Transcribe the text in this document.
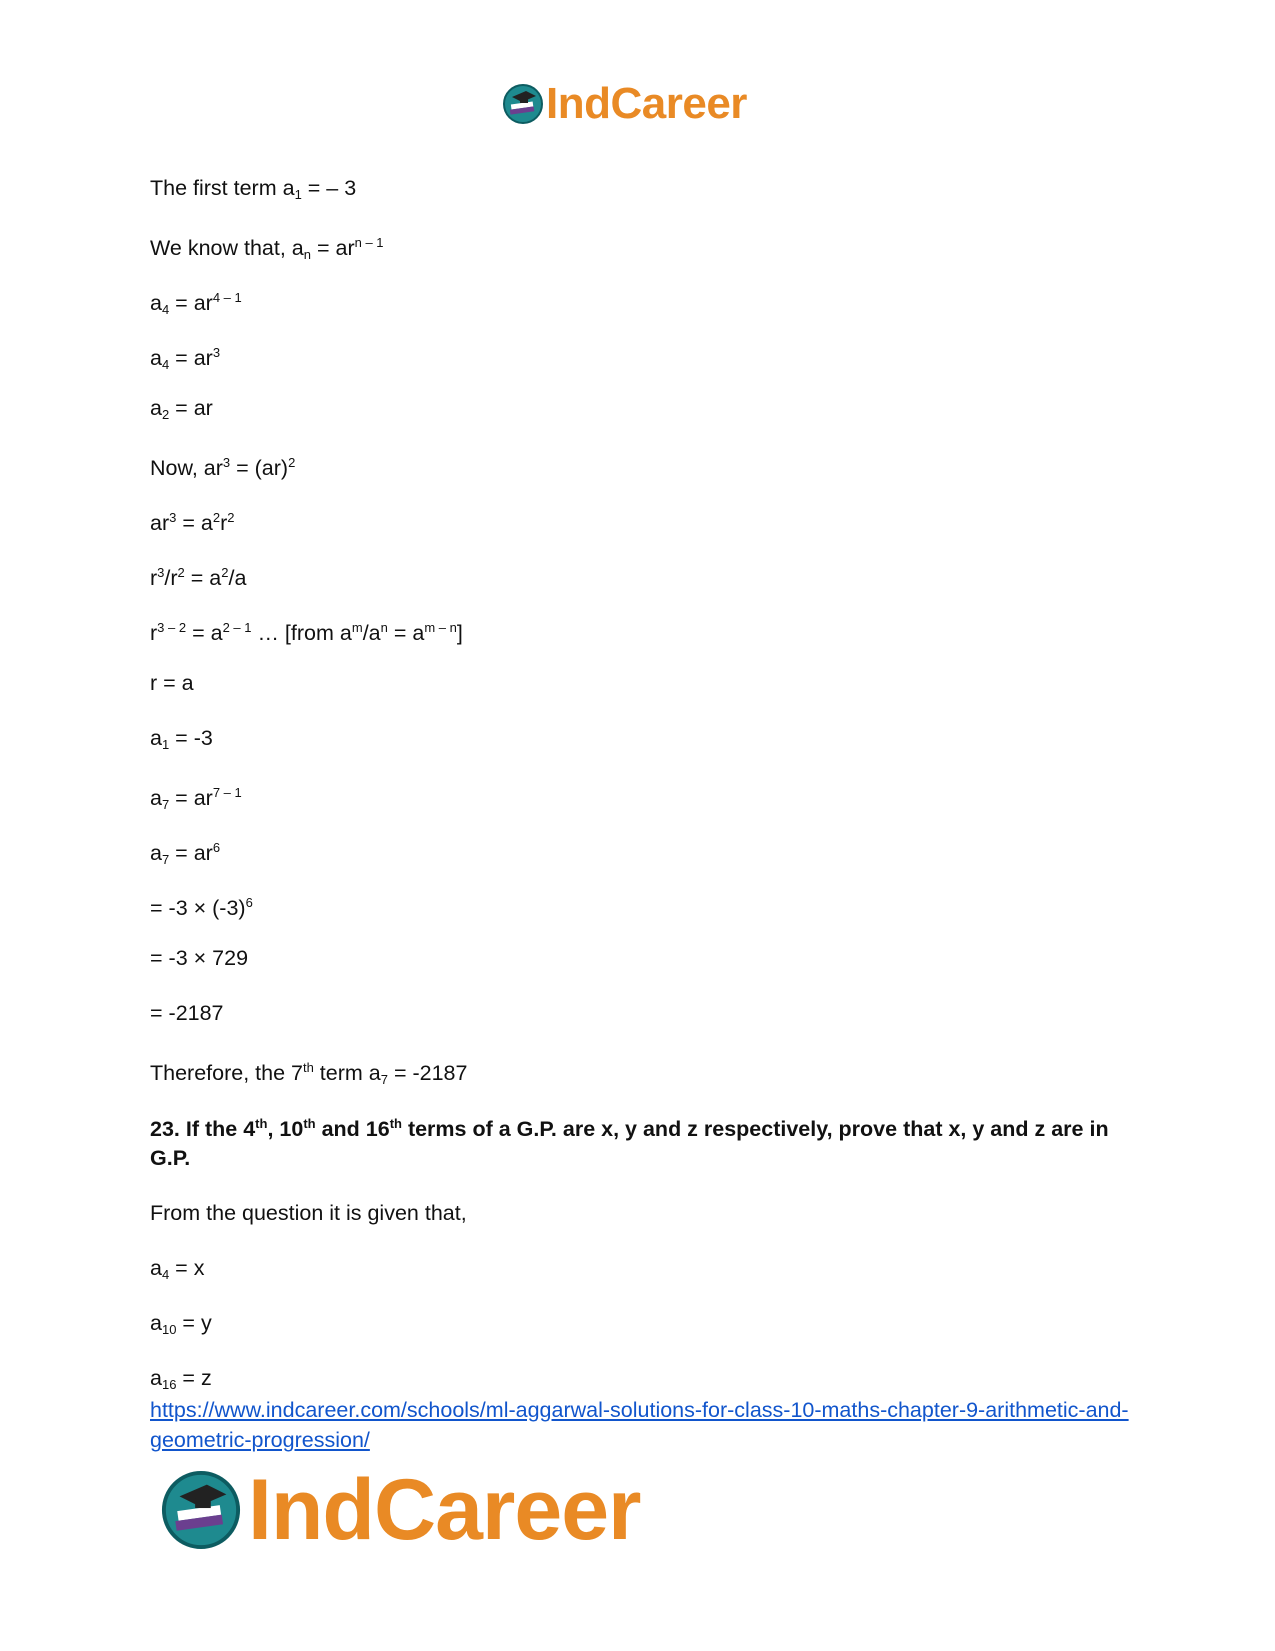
IndCareer
The first term $a_1$ = – 3
We know that, $a_n = ar^{n - 1}$
$a_4 = ar^{4 - 1}$
$a_4 = ar^3$
$a_2$ = ar
Now, $ar^3 = (ar)^2$
$ar^3 = a^2r^2$
$r^3/r^2 = a^2/a$
$r^{3 - 2} = a^{2 - 1}$ … [from $a^m/a^n = a^{m - n}$]
r = a
$a_1 = -3$
$a_7 = ar^{7 - 1}$
$a_7 = ar^6$
= $-3 \times (-3)^6$
= -3 × 729
= -2187
Therefore, the 7th term $a_7 = -2187$
23. If the 4th, 10th and 16th terms of a G.P. are x, y and z respectively, prove that x, y and z are in G.P.
From the question it is given that,
$a_4 = x$
$a_{10} = y$
$a_{16} = z$
https://www.indcareer.com/schools/ml-aggarwal-solutions-for-class-10-maths-chapter-9-arithmetic-and-geometric-progression/
IndCareer
